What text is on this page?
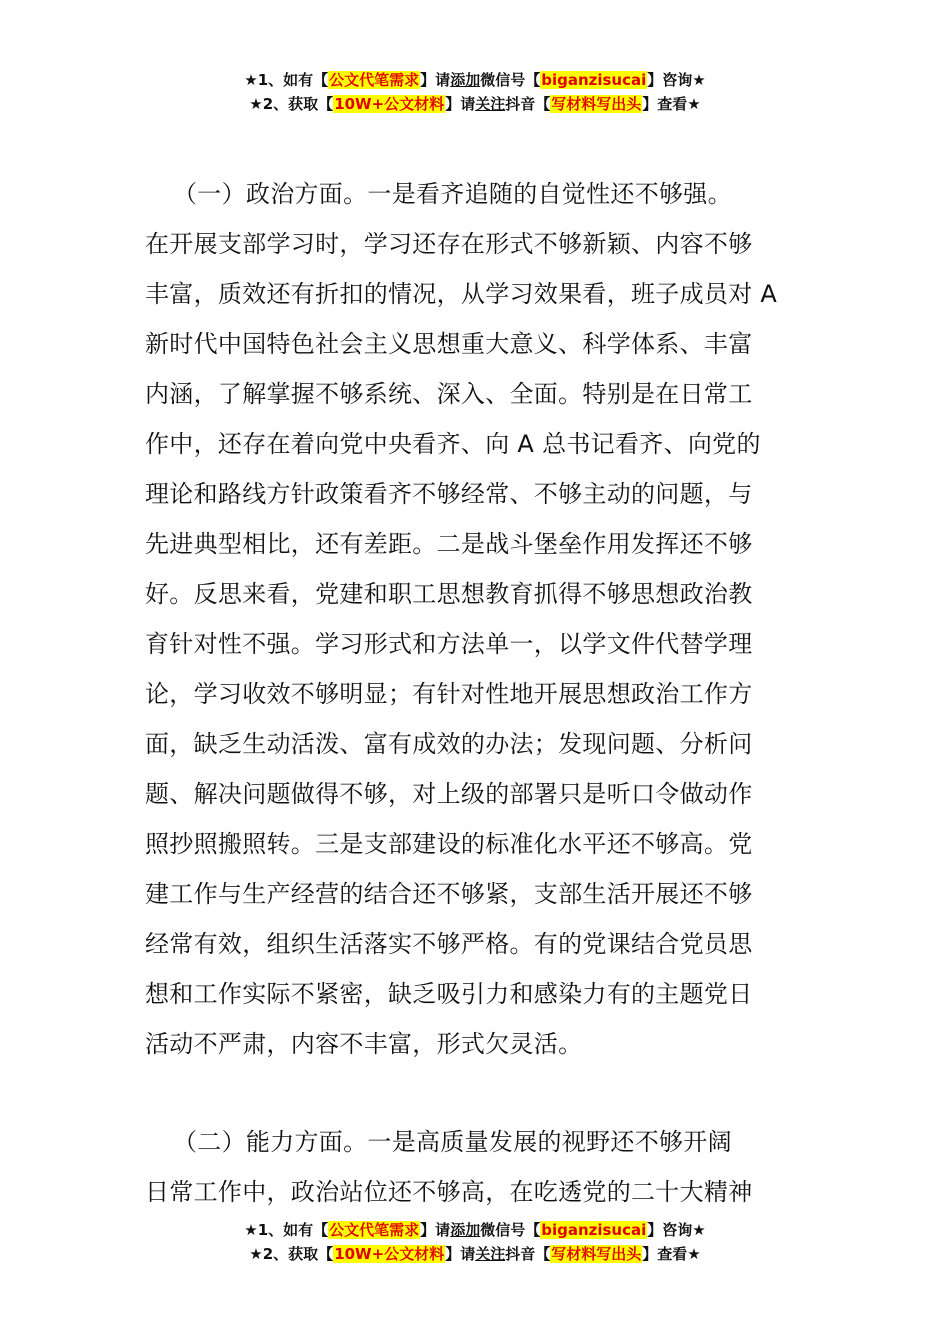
★1、如有【公文代笔需求】请添加微信号【biganzisucai】咨询★
★2、获取【10W+公文材料】请关注抖音【写材料写出头】查看★
（一）政治方面。一是看齐追随的自觉性还不够强。
在开展支部学习时，学习还存在形式不够新颖、内容不够
丰富，质效还有折扣的情况，从学习效果看，班子成员对 A
新时代中国特色社会主义思想重大意义、科学体系、丰富
内涵，了解掌握不够系统、深入、全面。特别是在日常工
作中，还存在着向党中央看齐、向 A 总书记看齐、向党的
理论和路线方针政策看齐不够经常、不够主动的问题，与
先进典型相比，还有差距。二是战斗堡垒作用发挥还不够
好。反思来看，党建和职工思想教育抓得不够思想政治教
育针对性不强。学习形式和方法单一，以学文件代替学理
论，学习收效不够明显；有针对性地开展思想政治工作方
面，缺乏生动活泼、富有成效的办法；发现问题、分析问
题、解决问题做得不够，对上级的部署只是听口令做动作
照抄照搬照转。三是支部建设的标准化水平还不够高。党
建工作与生产经营的结合还不够紧，支部生活开展还不够
经常有效，组织生活落实不够严格。有的党课结合党员思
想和工作实际不紧密，缺乏吸引力和感染力有的主题党日
活动不严肃，内容不丰富，形式欠灵活。
（二）能力方面。一是高质量发展的视野还不够开阔
日常工作中，政治站位还不够高，在吃透党的二十大精神
★1、如有【公文代笔需求】请添加微信号【biganzisucai】咨询★
★2、获取【10W+公文材料】请关注抖音【写材料写出头】查看★
